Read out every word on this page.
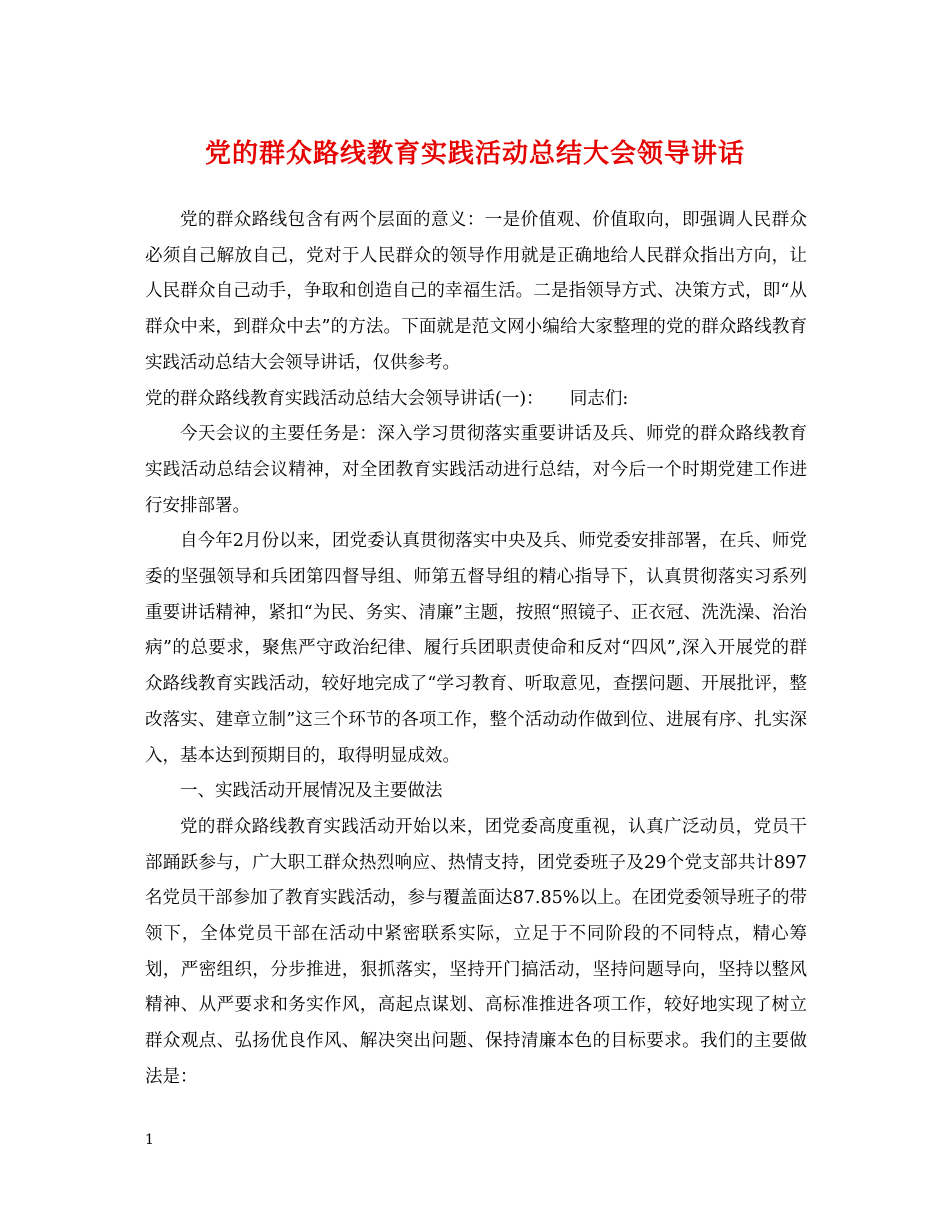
党的群众路线教育实践活动总结大会领导讲话

党的群众路线包含有两个层面的意义：一是价值观、价值取向，即强调人民群众必须自己解放自己，党对于人民群众的领导作用就是正确地给人民群众指出方向，让人民群众自己动手，争取和创造自己的幸福生活。二是指领导方式、决策方式，即“从群众中来，到群众中去”的方法。下面就是范文网小编给大家整理的党的群众路线教育实践活动总结大会领导讲话，仅供参考。

党的群众路线教育实践活动总结大会领导讲话(一)：　　同志们:

今天会议的主要任务是：深入学习贯彻落实重要讲话及兵、师党的群众路线教育实践活动总结会议精神，对全团教育实践活动进行总结，对今后一个时期党建工作进行安排部署。

自今年2月份以来，团党委认真贯彻落实中央及兵、师党委安排部署，在兵、师党委的坚强领导和兵团第四督导组、师第五督导组的精心指导下，认真贯彻落实习系列重要讲话精神，紧扣“为民、务实、清廉”主题，按照“照镜子、正衣冠、洗洗澡、治治病”的总要求，聚焦严守政治纪律、履行兵团职责使命和反对“四风”,深入开展党的群众路线教育实践活动，较好地完成了“学习教育、听取意见，查摆问题、开展批评，整改落实、建章立制”这三个环节的各项工作，整个活动动作做到位、进展有序、扎实深入，基本达到预期目的，取得明显成效。

一、实践活动开展情况及主要做法

党的群众路线教育实践活动开始以来，团党委高度重视，认真广泛动员，党员干部踊跃参与，广大职工群众热烈响应、热情支持，团党委班子及29个党支部共计897名党员干部参加了教育实践活动，参与覆盖面达87.85%以上。在团党委领导班子的带领下，全体党员干部在活动中紧密联系实际，立足于不同阶段的不同特点，精心筹划，严密组织，分步推进，狠抓落实，坚持开门搞活动，坚持问题导向，坚持以整风精神、从严要求和务实作风，高起点谋划、高标准推进各项工作，较好地实现了树立群众观点、弘扬优良作风、解决突出问题、保持清廉本色的目标要求。我们的主要做法是：

1
